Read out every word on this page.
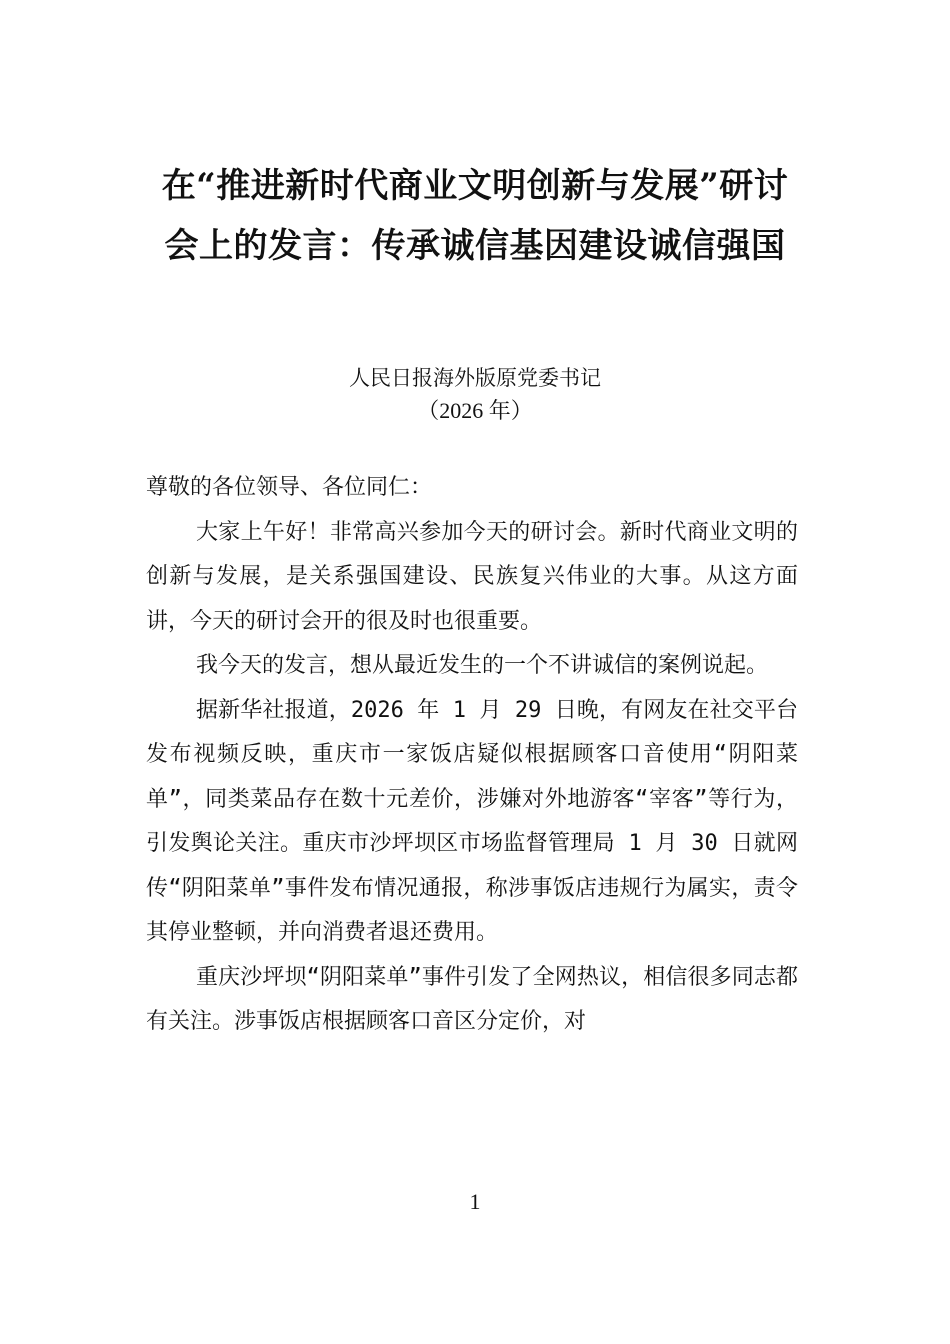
在“推进新时代商业文明创新与发展”研讨会上的发言：传承诚信基因建设诚信强国
人民日报海外版原党委书记
（2026 年）

尊敬的各位领导、各位同仁：

大家上午好！非常高兴参加今天的研讨会。新时代商业文明的创新与发展，是关系强国建设、民族复兴伟业的大事。从这方面讲，今天的研讨会开的很及时也很重要。

我今天的发言，想从最近发生的一个不讲诚信的案例说起。

据新华社报道，2026 年 1 月 29 日晚，有网友在社交平台发布视频反映，重庆市一家饭店疑似根据顾客口音使用“阴阳菜单”，同类菜品存在数十元差价，涉嫌对外地游客“宰客”等行为，引发舆论关注。重庆市沙坪坝区市场监督管理局 1 月 30 日就网传“阴阳菜单”事件发布情况通报，称涉事饭店违规行为属实，责令其停业整顿，并向消费者退还费用。

重庆沙坪坝“阴阳菜单”事件引发了全网热议，相信很多同志都有关注。涉事饭店根据顾客口音区分定价，对

1
